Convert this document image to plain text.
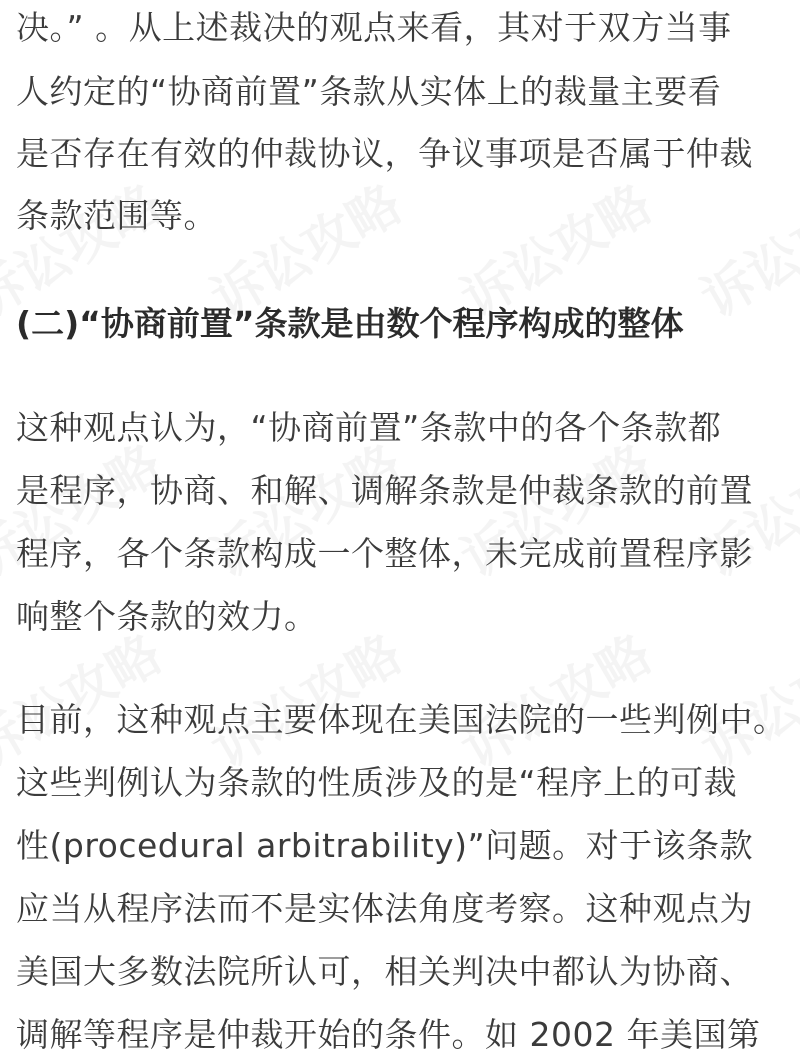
决。” 。从上述裁决的观点来看，其对于双方当事
人约定的“协商前置”条款从实体上的裁量主要看
是否存在有效的仲裁协议，争议事项是否属于仲裁
条款范围等。
(二)“协商前置”条款是由数个程序构成的整体
这种观点认为，“协商前置”条款中的各个条款都
是程序，协商、和解、调解条款是仲裁条款的前置
程序，各个条款构成一个整体，未完成前置程序影
响整个条款的效力。
目前，这种观点主要体现在美国法院的一些判例中。
这些判例认为条款的性质涉及的是“程序上的可裁
性(procedural arbitrability)”问题。对于该条款
应当从程序法而不是实体法角度考察。这种观点为
美国大多数法院所认可，相关判决中都认为协商、
调解等程序是仲裁开始的条件。如 2002 年美国第
